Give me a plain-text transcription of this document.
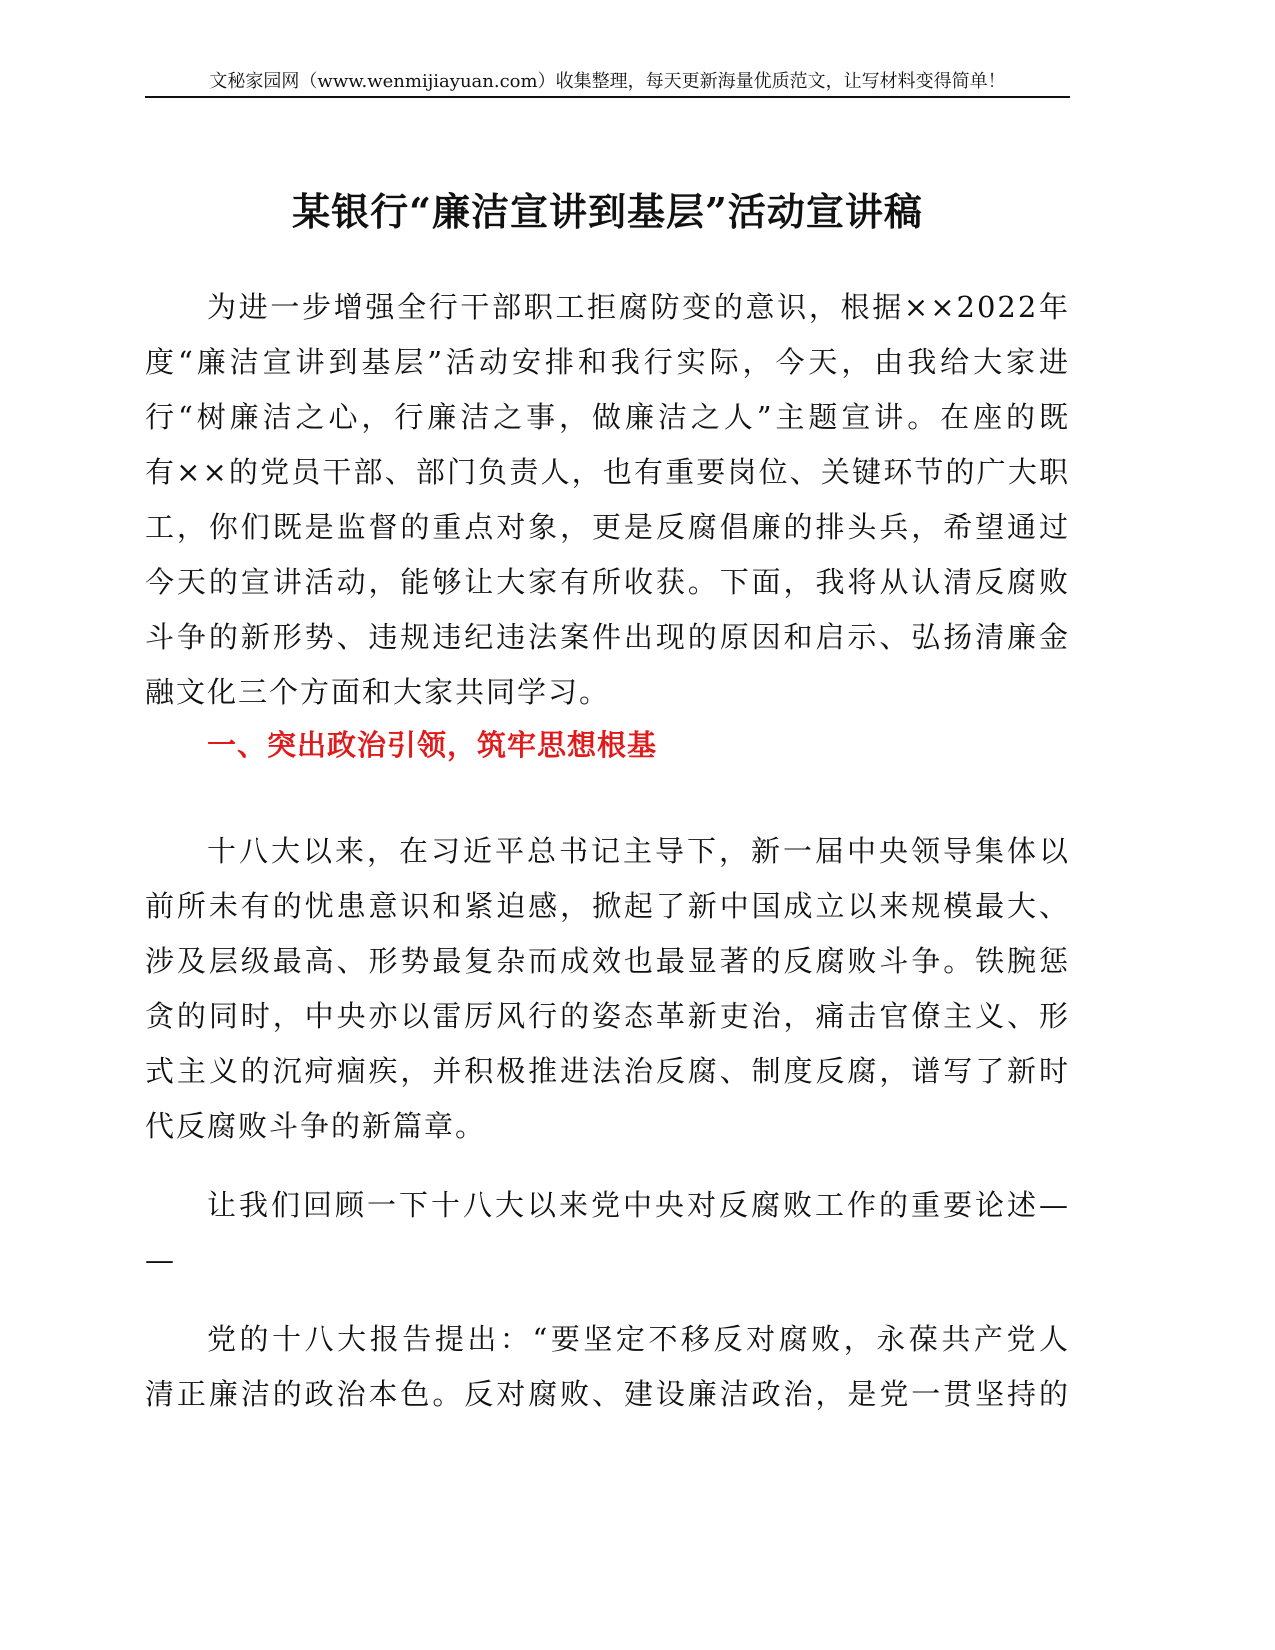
文秘家园网（www.wenmijiayuan.com）收集整理，每天更新海量优质范文，让写材料变得简单！
某银行“廉洁宣讲到基层”活动宣讲稿
为进一步增强全行干部职工拒腐防变的意识，根据××2022年
度“廉洁宣讲到基层”活动安排和我行实际，今天，由我给大家进
行“树廉洁之心，行廉洁之事，做廉洁之人”主题宣讲。在座的既
有××的党员干部、部门负责人，也有重要岗位、关键环节的广大职
工，你们既是监督的重点对象，更是反腐倡廉的排头兵，希望通过
今天的宣讲活动，能够让大家有所收获。下面，我将从认清反腐败
斗争的新形势、违规违纪违法案件出现的原因和启示、弘扬清廉金
融文化三个方面和大家共同学习。
一、突出政治引领，筑牢思想根基
十八大以来，在习近平总书记主导下，新一届中央领导集体以
前所未有的忧患意识和紧迫感，掀起了新中国成立以来规模最大、
涉及层级最高、形势最复杂而成效也最显著的反腐败斗争。铁腕惩
贪的同时，中央亦以雷厉风行的姿态革新吏治，痛击官僚主义、形
式主义的沉疴痼疾，并积极推进法治反腐、制度反腐，谱写了新时
代反腐败斗争的新篇章。
让我们回顾一下十八大以来党中央对反腐败工作的重要论述—
—
党的十八大报告提出：“要坚定不移反对腐败，永葆共产党人
清正廉洁的政治本色。反对腐败、建设廉洁政治，是党一贯坚持的
